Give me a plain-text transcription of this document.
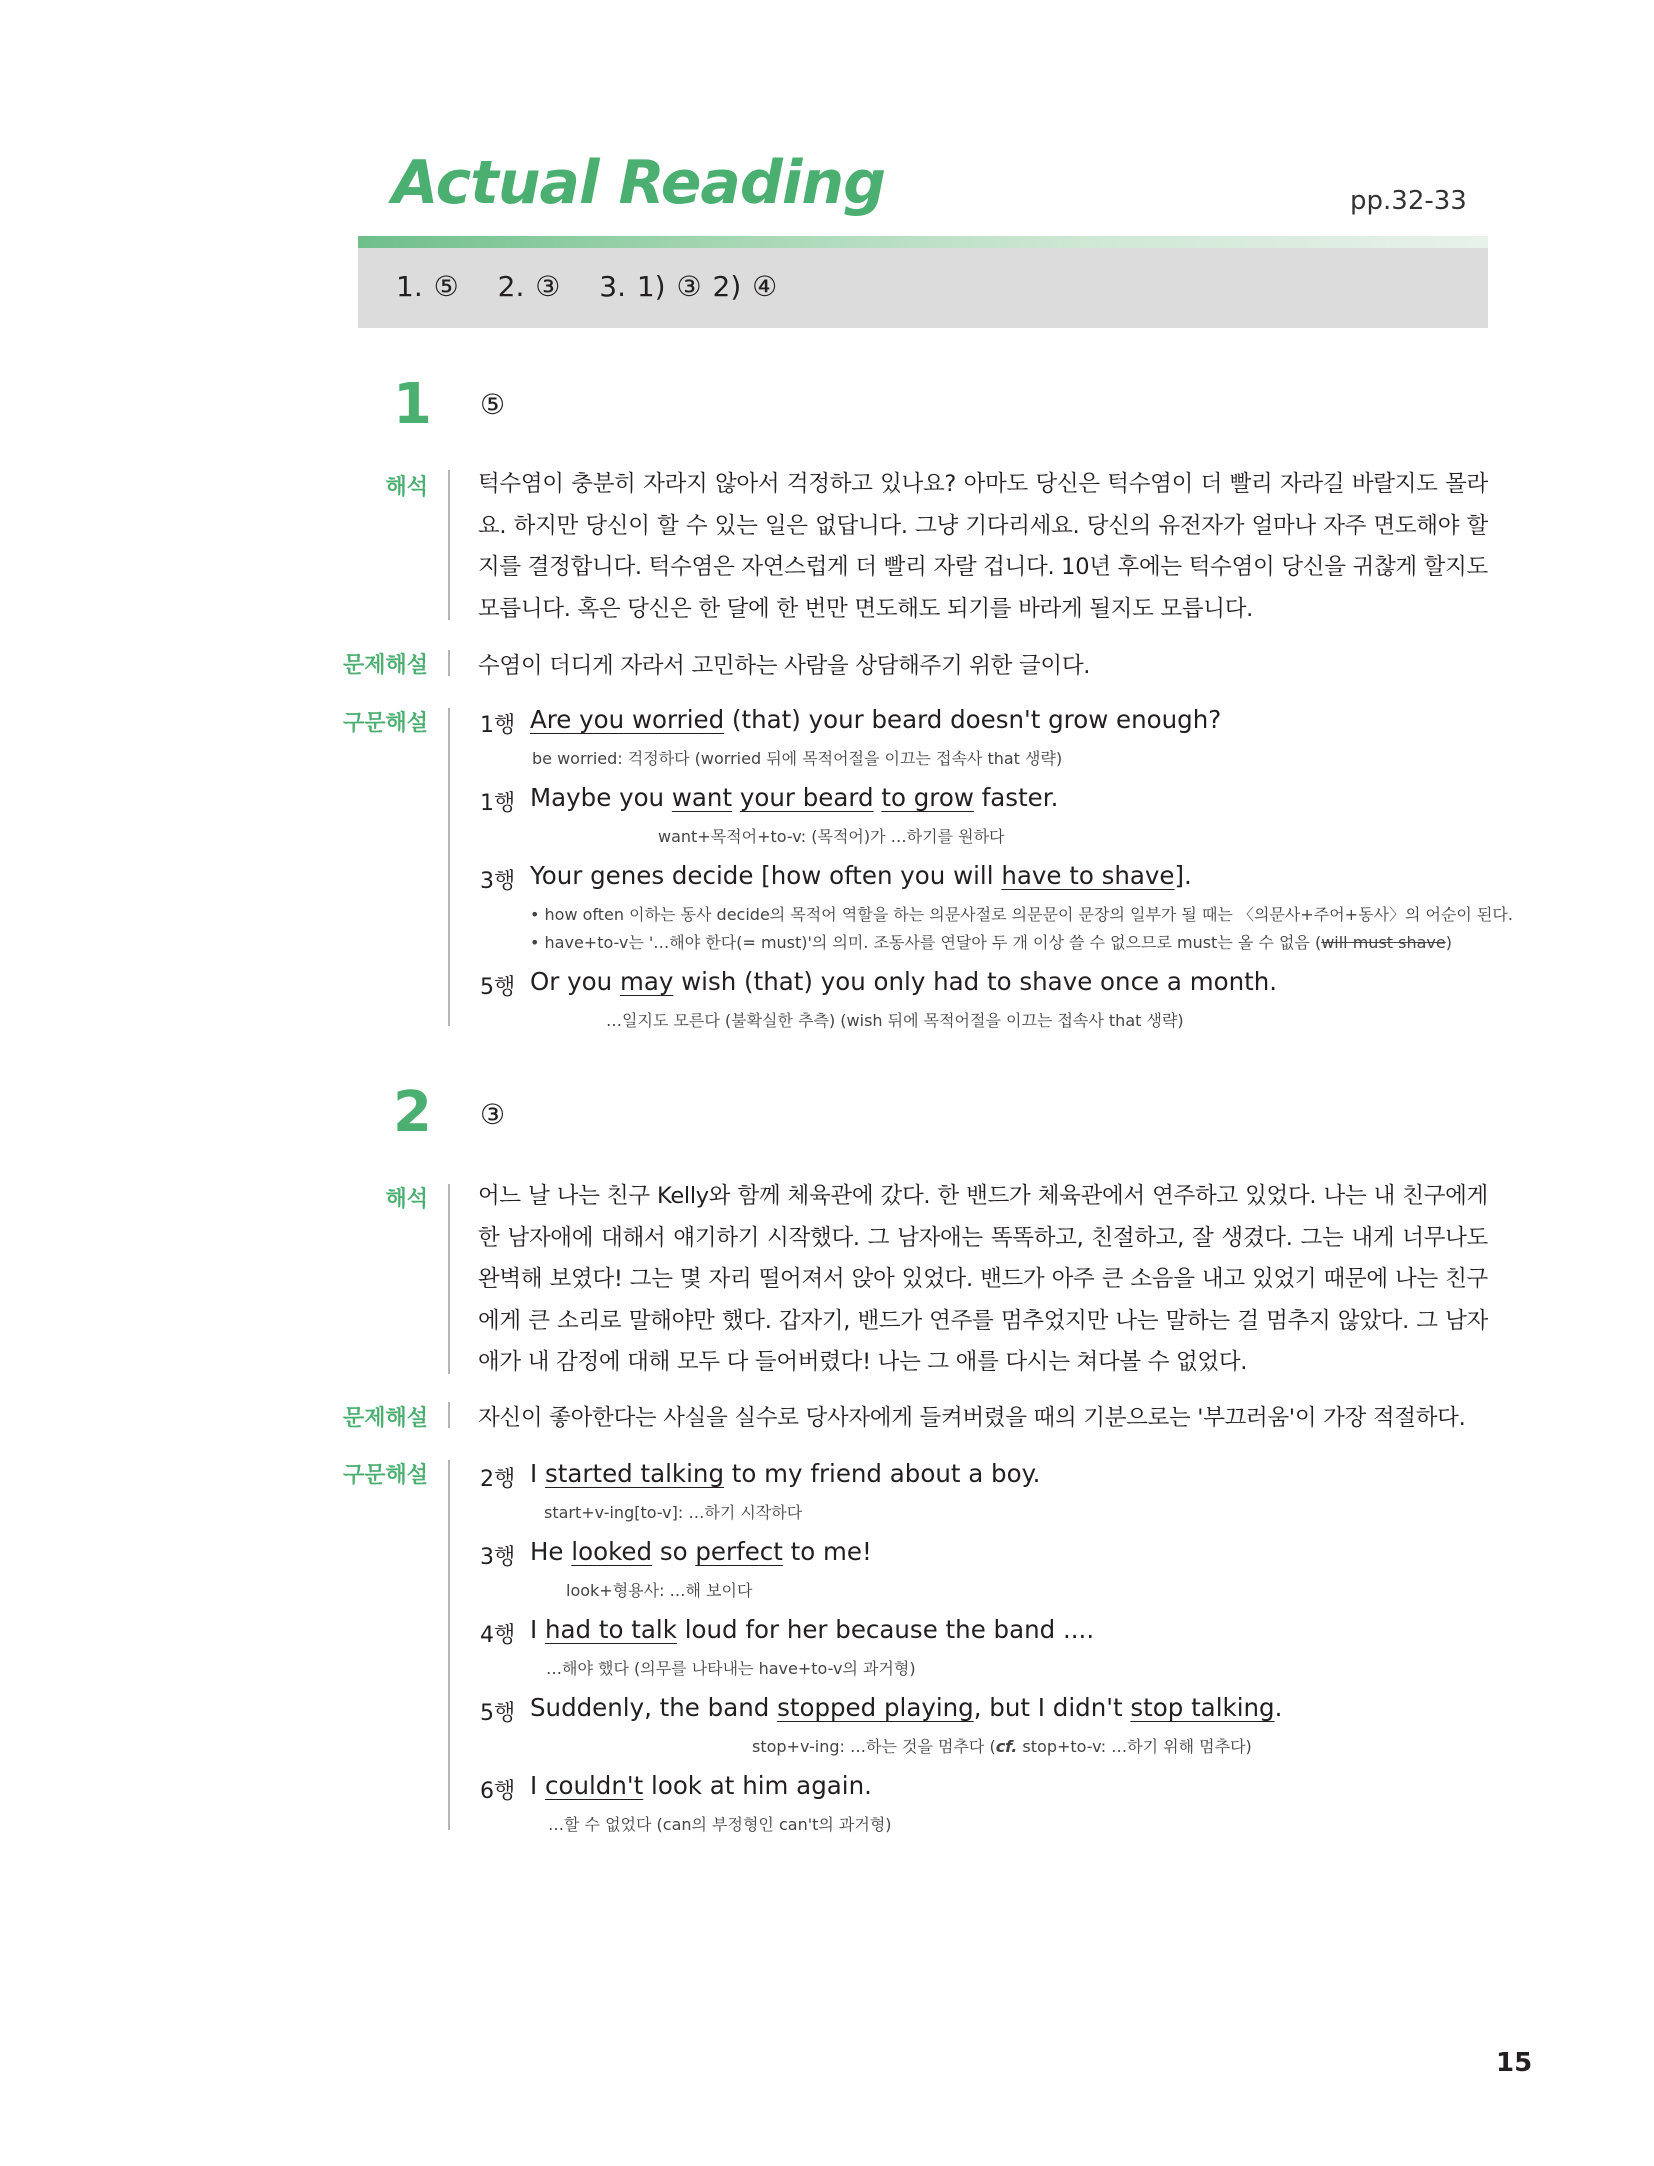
Actual Reading	pp.32-33
1. ⑤ 2. ③ 3. 1) ③ 2) ④
1 ⑤
해석 턱수염이 충분히 자라지 않아서 걱정하고 있나요? 아마도 당신은 턱수염이 더 빨리 자라길 바랄지도 몰라요. 하지만 당신이 할 수 있는 일은 없답니다. 그냥 기다리세요. 당신의 유전자가 얼마나 자주 면도해야 할지를 결정합니다. 턱수염은 자연스럽게 더 빨리 자랄 겁니다. 10년 후에는 턱수염이 당신을 귀찮게 할지도 모릅니다. 혹은 당신은 한 달에 한 번만 면도해도 되기를 바라게 될지도 모릅니다.
문제해설 수염이 더디게 자라서 고민하는 사람을 상담해주기 위한 글이다.
구문해설 1행 Are you worried (that) your beard doesn't grow enough?
be worried: 걱정하다 (worried 뒤에 목적어절을 이끄는 접속사 that 생략)
1행 Maybe you want your beard to grow faster.
want+목적어+to-v: (목적어)가 …하기를 원하다
3행 Your genes decide [how often you will have to shave].
• how often 이하는 동사 decide의 목적어 역할을 하는 의문사절로 의문문이 문장의 일부가 될 때는 〈의문사+주어+동사〉의 어순이 된다.
• have+to-v는 '…해야 한다(= must)'의 의미. 조동사를 연달아 두 개 이상 쓸 수 없으므로 must는 올 수 없음 (will must shave)
5행 Or you may wish (that) you only had to shave once a month.
…일지도 모른다 (불확실한 추측) (wish 뒤에 목적어절을 이끄는 접속사 that 생략)
2 ③
해석 어느 날 나는 친구 Kelly와 함께 체육관에 갔다. 한 밴드가 체육관에서 연주하고 있었다. 나는 내 친구에게 한 남자애에 대해서 얘기하기 시작했다. 그 남자애는 똑똑하고, 친절하고, 잘 생겼다. 그는 내게 너무나도 완벽해 보였다! 그는 몇 자리 떨어져서 앉아 있었다. 밴드가 아주 큰 소음을 내고 있었기 때문에 나는 친구에게 큰 소리로 말해야만 했다. 갑자기, 밴드가 연주를 멈추었지만 나는 말하는 걸 멈추지 않았다. 그 남자애가 내 감정에 대해 모두 다 들어버렸다! 나는 그 애를 다시는 쳐다볼 수 없었다.
문제해설 자신이 좋아한다는 사실을 실수로 당사자에게 들켜버렸을 때의 기분으로는 '부끄러움'이 가장 적절하다.
구문해설 2행 I started talking to my friend about a boy.
start+v-ing[to-v]: …하기 시작하다
3행 He looked so perfect to me!
look+형용사: …해 보이다
4행 I had to talk loud for her because the band ....
…해야 했다 (의무를 나타내는 have+to-v의 과거형)
5행 Suddenly, the band stopped playing, but I didn't stop talking.
stop+v-ing: …하는 것을 멈추다 (cf. stop+to-v: …하기 위해 멈추다)
6행 I couldn't look at him again.
…할 수 없었다 (can의 부정형인 can't의 과거형)
15
